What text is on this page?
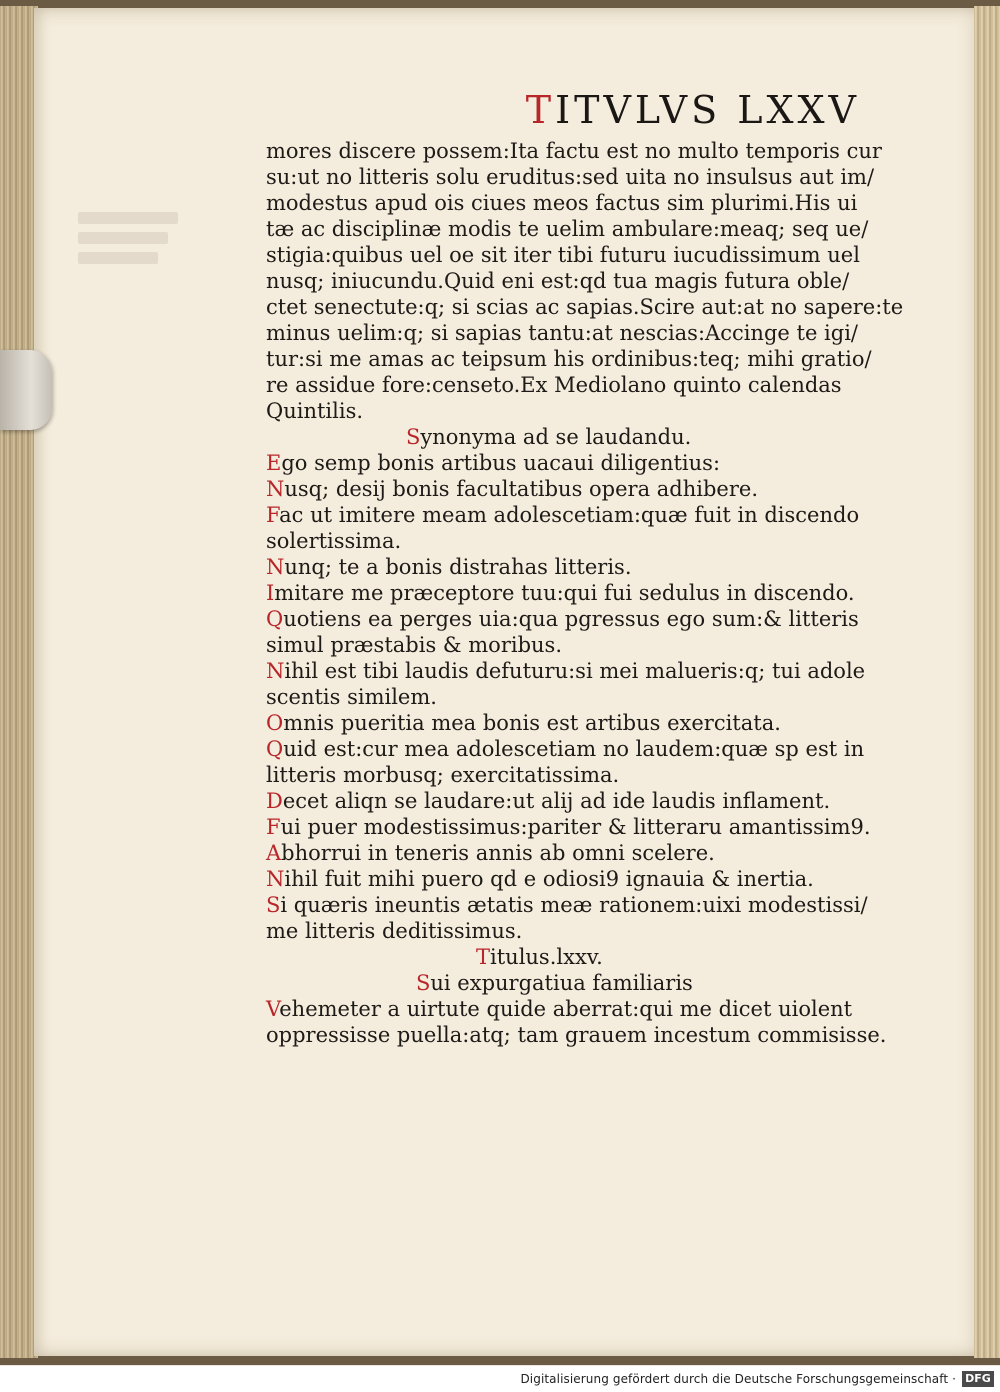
TITVLVS LXXV
mores discere possem:Ita factu est no multo temporis cur
su:ut no litteris solu eruditus:sed uita no insulsus aut im/
modestus apud ois ciues meos factus sim plurimi.His ui
tæ ac disciplinæ modis te uelim ambulare:meaq; seq ue/
stigia:quibus uel oe sit iter tibi futuru iucudissimum uel
nusq; iniucundu.Quid eni est:qd tua magis futura oble/
ctet senectute:q; si scias ac sapias.Scire aut:at no sapere:te
minus uelim:q; si sapias tantu:at nescias:Accinge te igi/
tur:si me amas ac teipsum his ordinibus:teq; mihi gratio/
re assidue fore:censeto.Ex Mediolano quinto calendas
Quintilis.
Synonyma ad se laudandu.
Ego semp bonis artibus uacaui diligentius:
Nusq; desij bonis facultatibus opera adhibere.
Fac ut imitere meam adolescetiam:quæ fuit in discendo
solertissima.
Nunq; te a bonis distrahas litteris.
Imitare me præceptore tuu:qui fui sedulus in discendo.
Quotiens ea perges uia:qua pgressus ego sum:& litteris
simul præstabis & moribus.
Nihil est tibi laudis defuturu:si mei malueris:q; tui adole
scentis similem.
Omnis pueritia mea bonis est artibus exercitata.
Quid est:cur mea adolescetiam no laudem:quæ sp est in
litteris morbusq; exercitatissima.
Decet aliqn se laudare:ut alij ad ide laudis inflament.
Fui puer modestissimus:pariter & litteraru amantissim9.
Abhorrui in teneris annis ab omni scelere.
Nihil fuit mihi puero qd e odiosi9 ignauia & inertia.
Si quæris ineuntis ætatis meæ rationem:uixi modestissi/
me litteris deditissimus.
Titulus.lxxv.
Sui expurgatiua familiaris
Vehemeter a uirtute quide aberrat:qui me dicet uiolent
oppressisse puella:atq; tam grauem incestum commisisse.
Digitalisierung gefördert durch die Deutsche Forschungsgemeinschaft · DFG
